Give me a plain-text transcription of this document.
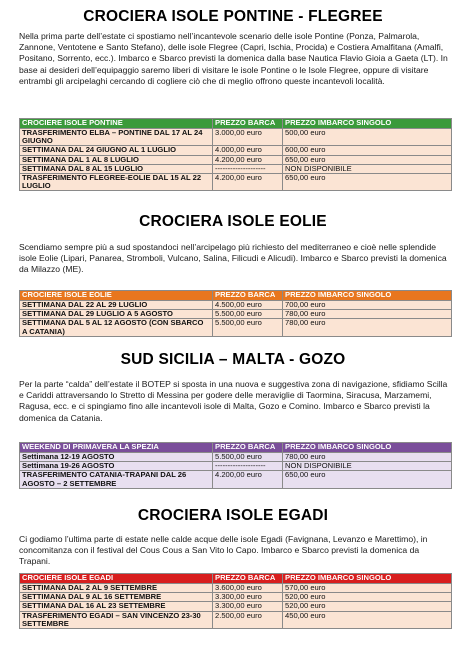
CROCIERA ISOLE PONTINE - FLEGREE
Nella prima parte dell’estate ci spostiamo nell’incantevole scenario delle isole Pontine (Ponza, Palmarola, Zannone, Ventotene e Santo Stefano), delle isole Flegree (Capri, Ischia, Procida) e Costiera Amalfitana (Amalfi, Positano, Sorrento, ecc.). Imbarco e Sbarco previsti la domenica dalla base Nautica Flavio Gioia a Gaeta (LT). In base ai desideri dell’equipaggio saremo liberi di visitare le isole Pontine o le Isole Flegree, oppure di visitare entrambi gli arcipelaghi cercando di cogliere ciò che di meglio offrono queste incantevoli località.
CROCIERE ISOLE PONTINE	PREZZO BARCA	PREZZO IMBARCO SINGOLO
TRASFERIMENTO ELBA – PONTINE DAL 17 AL 24 GIUGNO	3.000,00 euro	500,00 euro
SETTIMANA DAL 24 GIUGNO AL 1 LUGLIO	4.000,00 euro	600,00 euro
SETTIMANA DAL 1 AL 8 LUGLIO	4.200,00 euro	650,00 euro
SETTIMANA DAL 8 AL 15 LUGLIO	--------------------	NON DISPONIBILE
TRASFERIMENTO FLEGREE-EOLIE DAL 15 AL 22 LUGLIO	4.200,00 euro	650,00 euro
CROCIERA ISOLE EOLIE
Scendiamo sempre più a sud spostandoci nell’arcipelago più richiesto del mediterraneo e cioè nelle splendide isole Eolie (Lipari, Panarea, Stromboli, Vulcano, Salina, Filicudi e Alicudi). Imbarco e Sbarco previsti la domenica da Milazzo (ME).
CROCIERE ISOLE EOLIE	PREZZO BARCA	PREZZO IMBARCO SINGOLO
SETTIMANA DAL 22 AL 29 LUGLIO	4.500,00 euro	700,00 euro
SETTIMANA DAL 29 LUGLIO A 5 AGOSTO	5.500,00 euro	780,00 euro
SETTIMANA DAL 5 AL 12 AGOSTO (CON SBARCO A CATANIA)	5.500,00 euro	780,00 euro
SUD SICILIA – MALTA - GOZO
Per la parte “calda” dell’estate il BOTEP si sposta in una nuova e suggestiva zona di navigazione, sfidiamo Scilla e Cariddi attraversando lo Stretto di Messina per godere delle meraviglie di Taormina, Siracusa, Marzamemi, Ragusa, ecc. e ci spingiamo fino alle incantevoli isole di Malta, Gozo e Comino. Imbarco e Sbarco previsti la domenica da Catania.
WEEKEND DI PRIMAVERA LA SPEZIA	PREZZO BARCA	PREZZO IMBARCO SINGOLO
Settimana 12-19 AGOSTO	5.500,00 euro	780,00 euro
Settimana 19-26 AGOSTO	--------------------	NON DISPONIBILE
TRASFERIMENTO CATANIA-TRAPANI DAL 26 AGOSTO – 2 SETTEMBRE	4.200,00 euro	650,00 euro
CROCIERA ISOLE EGADI
Ci godiamo l’ultima parte di estate nelle calde acque delle isole Egadi (Favignana, Levanzo e Marettimo), in concomitanza con il festival del Cous Cous a San Vito lo Capo. Imbarco e Sbarco previsti la domenica da Trapani.
CROCIERE ISOLE EGADI	PREZZO BARCA	PREZZO IMBARCO SINGOLO
SETTIMANA DAL 2 AL 9 SETTEMBRE	3.600,00 euro	570,00 euro
SETTIMANA DAL 9 AL 16 SETTEMBRE	3.300,00 euro	520,00 euro
SETTIMANA DAL 16 AL 23 SETTEMBRE	3.300,00 euro	520,00 euro
TRASFERIMENTO EGADI – SAN VINCENZO 23-30 SETTEMBRE	2.500,00 euro	450,00 euro
